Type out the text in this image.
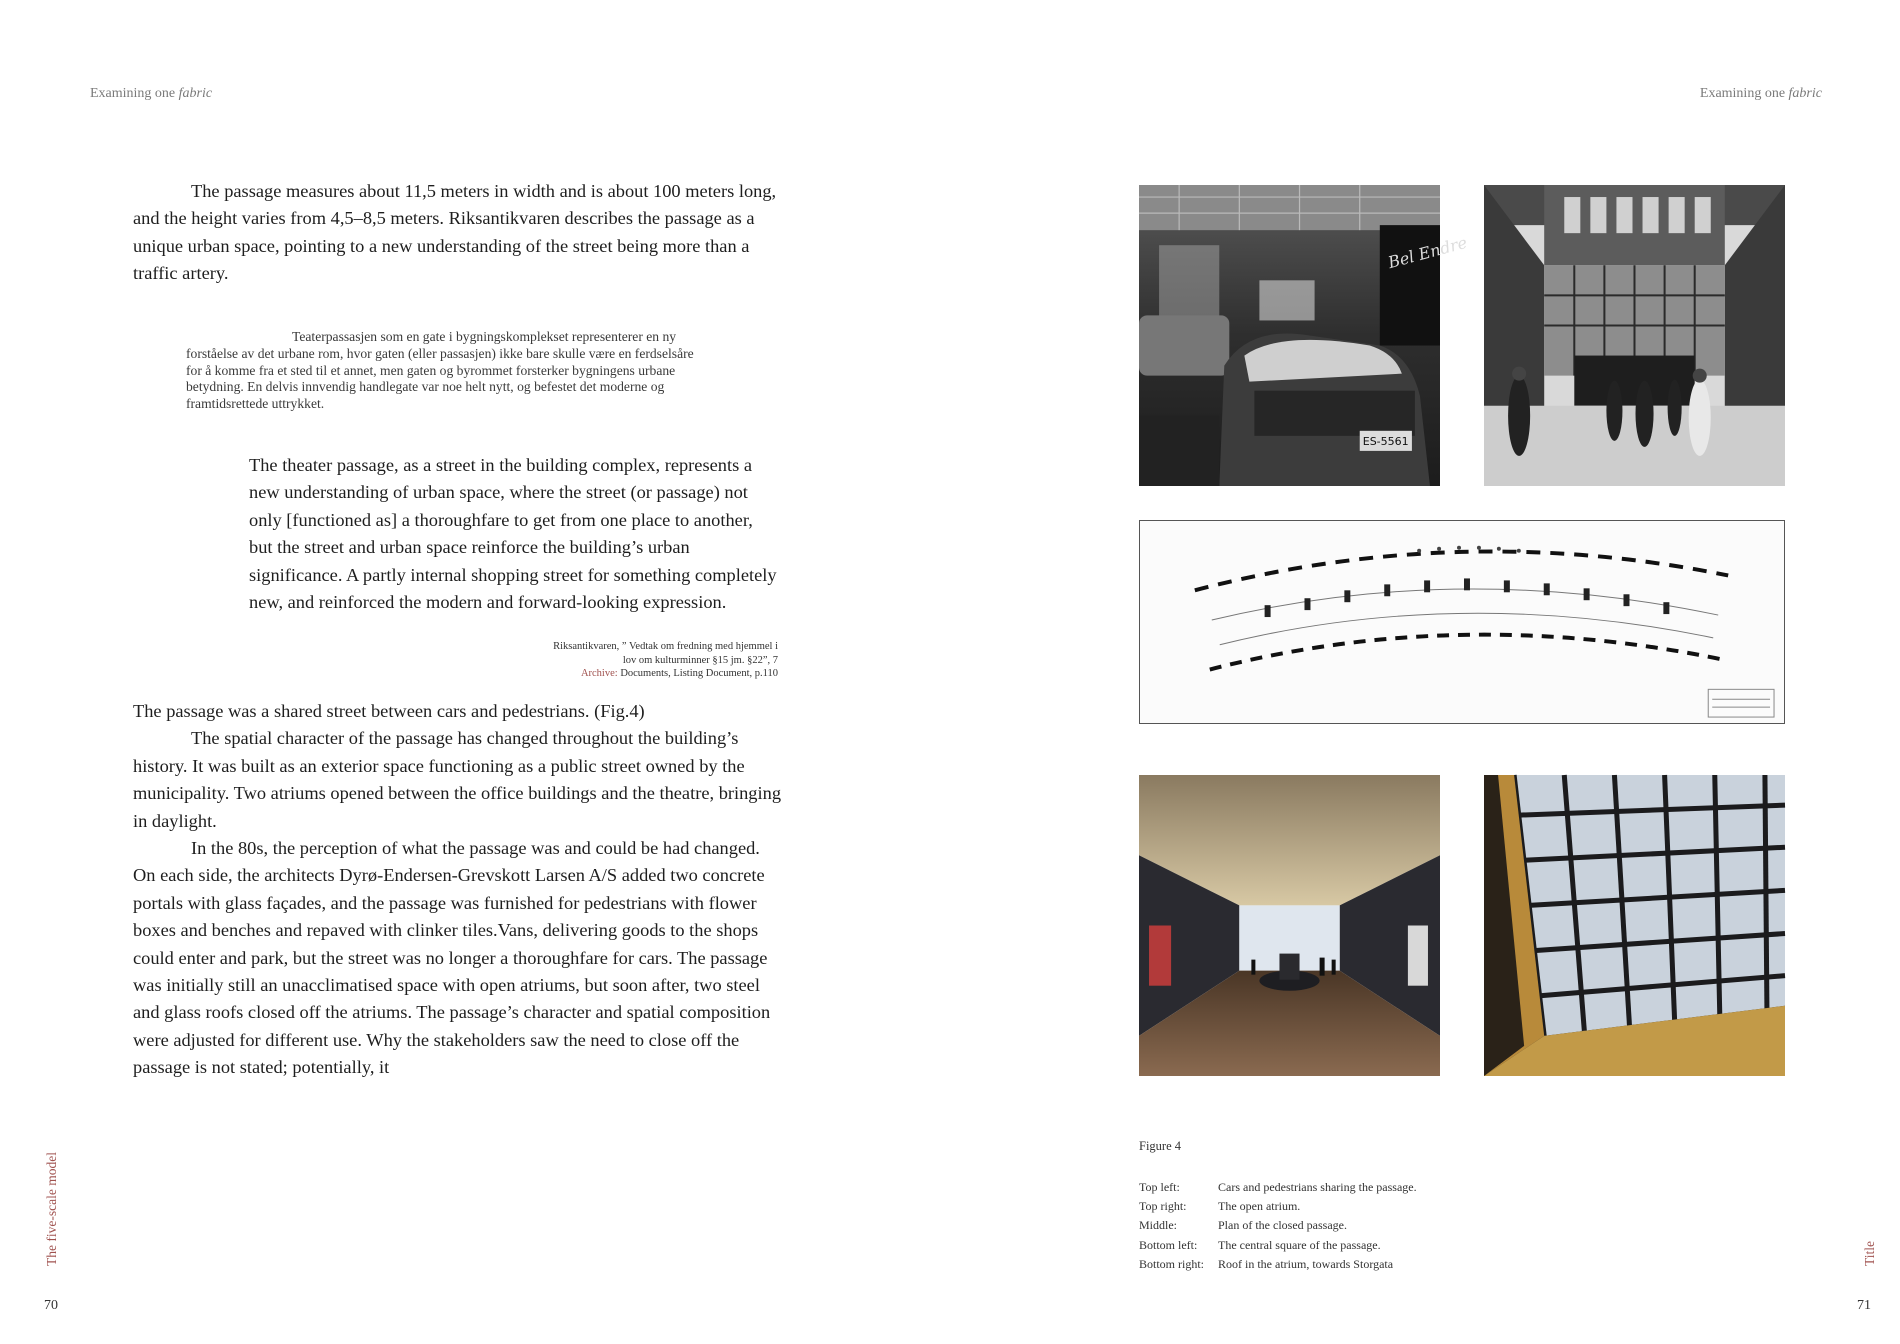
Examining one fabric	Examining one fabric

The passage measures about 11,5 meters in width and is about 100 meters long, and the height varies from 4,5–8,5 meters. Riksantikvaren describes the passage as a unique urban space, pointing to a new understanding of the street being more than a traffic artery.

Teaterpassasjen som en gate i bygningskomplekset representerer en ny forståelse av det urbane rom, hvor gaten (eller passasjen) ikke bare skulle være en ferdselsåre for å komme fra et sted til et annet, men gaten og byrommet forsterker bygningens urbane betydning. En delvis innvendig handlegate var noe helt nytt, og befestet det moderne og framtidsrettede uttrykket.

The theater passage, as a street in the building complex, represents a new understanding of urban space, where the street (or passage) not only [functioned as] a thoroughfare to get from one place to another, but the street and urban space reinforce the building’s urban significance. A partly internal shopping street for something completely new, and reinforced the modern and forward-looking expression.

Riksantikvaren, ” Vedtak om fredning med hjemmel i
lov om kulturminner §15 jm. §22”, 7
Archive: Documents, Listing Document, p.110

The passage was a shared street between cars and pedestrians. (Fig.4)

The spatial character of the passage has changed throughout the building’s history. It was built as an exterior space functioning as a public street owned by the municipality. Two atriums opened between the office buildings and the theatre, bringing in daylight.

In the 80s, the perception of what the passage was and could be had changed. On each side, the architects Dyrø-Endersen-Grevskott Larsen A/S added two concrete portals with glass façades, and the passage was furnished for pedestrians with flower boxes and benches and repaved with clinker tiles.Vans, delivering goods to the shops could enter and park, but the street was no longer a thoroughfare for cars. The passage was initially still an unacclimatised space with open atriums, but soon after, two steel and glass roofs closed off the atriums. The passage’s character and spatial composition were adjusted for different use. Why the stakeholders saw the need to close off the passage is not stated; potentially, it

Bel Endre
ES-5561
Figure 4
Top left:	Cars and pedestrians sharing the passage.
Top right:	The open atrium.
Middle:	Plan of the closed passage.
Bottom left:	The central square of the passage.
Bottom right:	Roof in the atrium, towards Storgata
The five-scale model	Title
70	71
